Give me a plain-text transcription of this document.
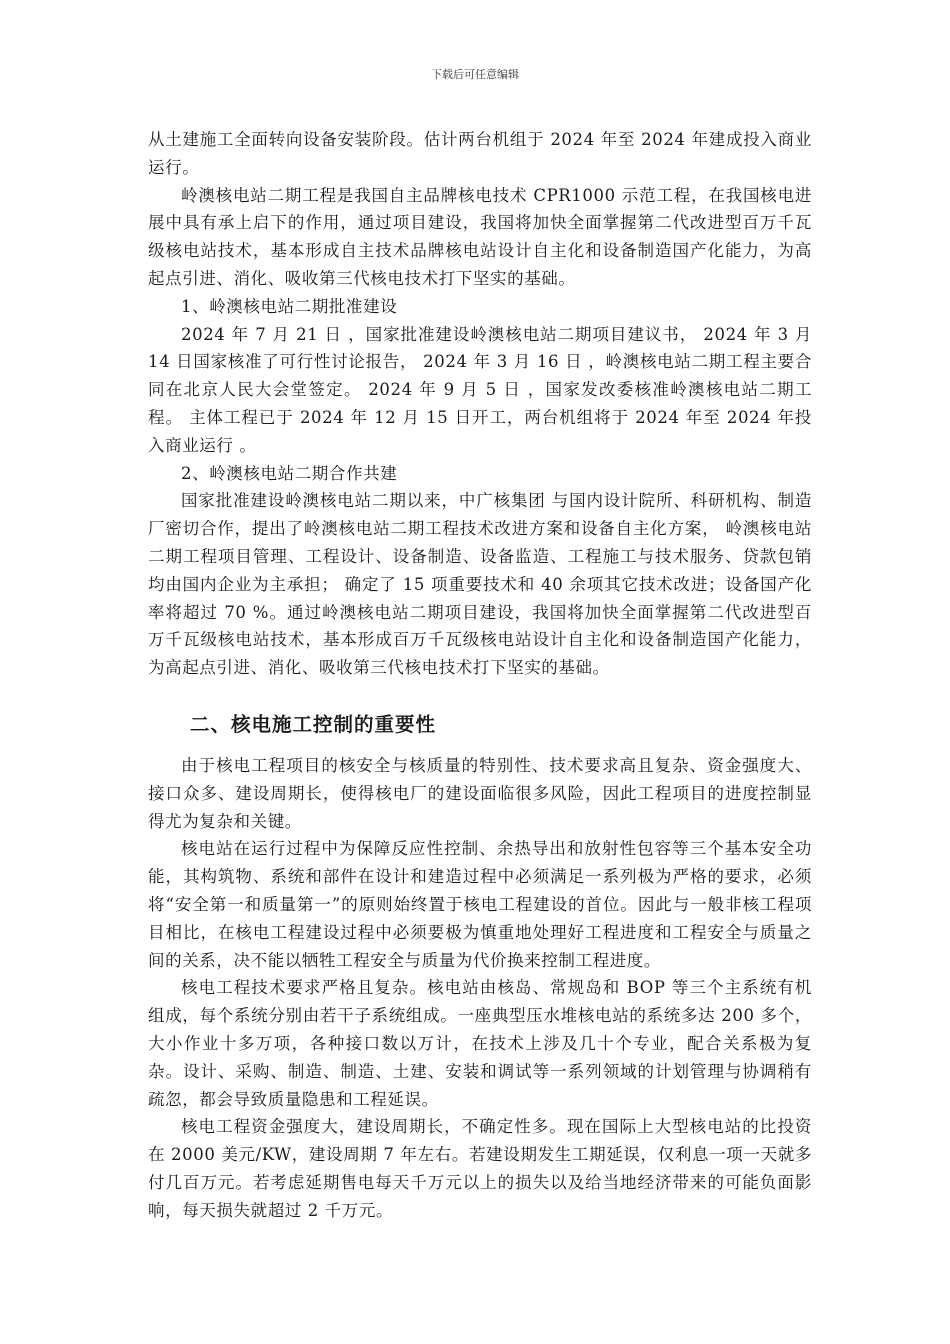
下载后可任意编辑

从土建施工全面转向设备安装阶段。估计两台机组于 2024 年至 2024 年建成投入商业运行。

岭澳核电站二期工程是我国自主品牌核电技术 CPR1000 示范工程，在我国核电进展中具有承上启下的作用，通过项目建设，我国将加快全面掌握第二代改进型百万千瓦级核电站技术，基本形成自主技术品牌核电站设计自主化和设备制造国产化能力，为高起点引进、消化、吸收第三代核电技术打下坚实的基础。

1、岭澳核电站二期批准建设

2024 年 7 月 21 日 ，国家批准建设岭澳核电站二期项目建议书， 2024 年 3 月 14 日国家核准了可行性讨论报告， 2024 年 3 月 16 日 ，岭澳核电站二期工程主要合同在北京人民大会堂签定。 2024 年 9 月 5 日 ，国家发改委核准岭澳核电站二期工程。 主体工程已于 2024 年 12 月 15 日开工，两台机组将于 2024 年至 2024 年投入商业运行 。

2、岭澳核电站二期合作共建

国家批准建设岭澳核电站二期以来，中广核集团 与国内设计院所、科研机构、制造厂密切合作，提出了岭澳核电站二期工程技术改进方案和设备自主化方案， 岭澳核电站二期工程项目管理、工程设计、设备制造、设备监造、工程施工与技术服务、贷款包销均由国内企业为主承担； 确定了 15 项重要技术和 40 余项其它技术改进；设备国产化率将超过 70 %。通过岭澳核电站二期项目建设，我国将加快全面掌握第二代改进型百万千瓦级核电站技术，基本形成百万千瓦级核电站设计自主化和设备制造国产化能力，为高起点引进、消化、吸收第三代核电技术打下坚实的基础。

二、核电施工控制的重要性

由于核电工程项目的核安全与核质量的特别性、技术要求高且复杂、资金强度大、接口众多、建设周期长，使得核电厂的建设面临很多风险，因此工程项目的进度控制显得尤为复杂和关键。

核电站在运行过程中为保障反应性控制、余热导出和放射性包容等三个基本安全功能，其构筑物、系统和部件在设计和建造过程中必须满足一系列极为严格的要求，必须将“安全第一和质量第一”的原则始终置于核电工程建设的首位。因此与一般非核工程项目相比，在核电工程建设过程中必须要极为慎重地处理好工程进度和工程安全与质量之间的关系，决不能以牺牲工程安全与质量为代价换来控制工程进度。

核电工程技术要求严格且复杂。核电站由核岛、常规岛和 BOP 等三个主系统有机组成，每个系统分别由若干子系统组成。一座典型压水堆核电站的系统多达 200 多个，大小作业十多万项，各种接口数以万计，在技术上涉及几十个专业，配合关系极为复杂。设计、采购、制造、制造、土建、安装和调试等一系列领域的计划管理与协调稍有疏忽，都会导致质量隐患和工程延误。

核电工程资金强度大，建设周期长，不确定性多。现在国际上大型核电站的比投资在 2000 美元/KW，建设周期 7 年左右。若建设期发生工期延误，仅利息一项一天就多付几百万元。若考虑延期售电每天千万元以上的损失以及给当地经济带来的可能负面影响，每天损失就超过 2 千万元。
